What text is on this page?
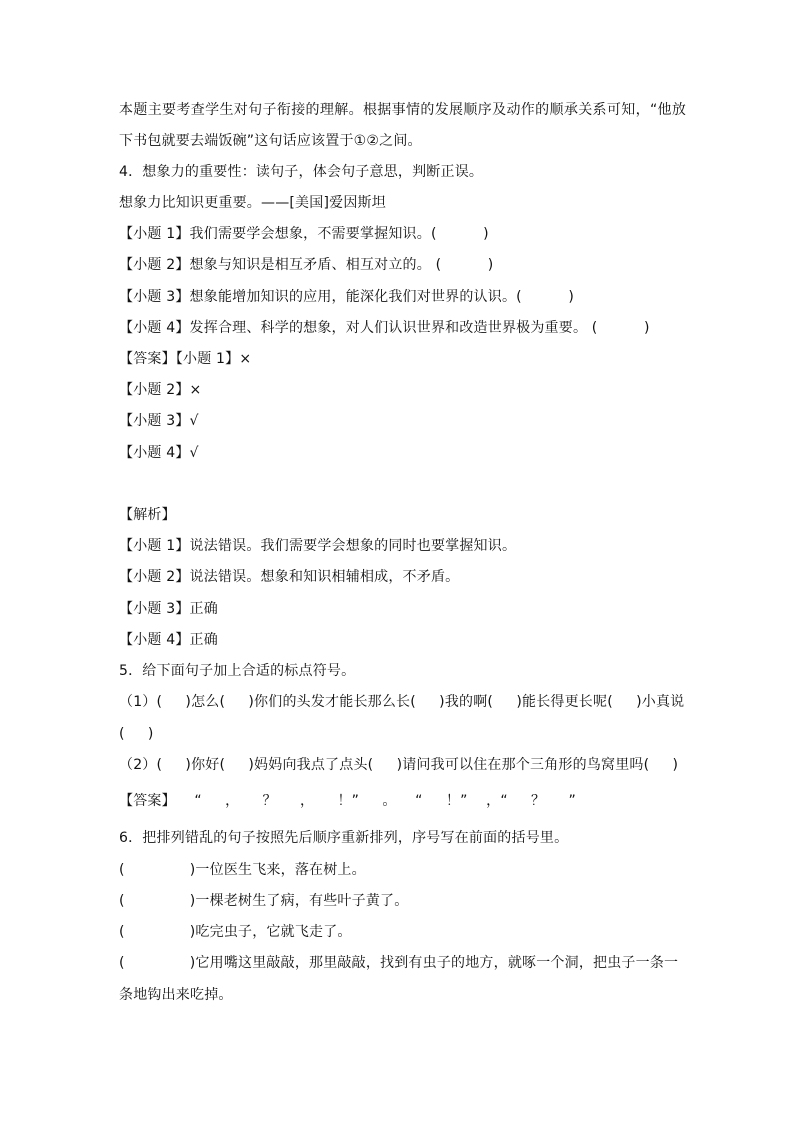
本题主要考查学生对句子衔接的理解。根据事情的发展顺序及动作的顺承关系可知，“他放
下书包就要去端饭碗”这句话应该置于①②之间。
4．想象力的重要性：读句子，体会句子意思，判断正误。
想象力比知识更重要。——[美国]爱因斯坦
【小题 1】我们需要学会想象，不需要掌握知识。(          )
【小题 2】想象与知识是相互矛盾、相互对立的。 (          )
【小题 3】想象能增加知识的应用，能深化我们对世界的认识。(          )
【小题 4】发挥合理、科学的想象，对人们认识世界和改造世界极为重要。 (          )
【答案】【小题 1】×
【小题 2】×
【小题 3】√
【小题 4】√
【解析】
【小题 1】说法错误。我们需要学会想象的同时也要掌握知识。
【小题 2】说法错误。想象和知识相辅相成，不矛盾。
【小题 3】正确
【小题 4】正确
5．给下面句子加上合适的标点符号。
（1）(     )怎么(     )你们的头发才能长那么长(     )我的啊(     )能长得更长呢(     )小真说
(     )
（2）(     )你好(     )妈妈向我点了点头(     )请问我可以住在那个三角形的鸟窝里吗(     )
【答案】    “     ，     ？     ，     ！”     。    “     ！”    ，“     ？     ”
6．把排列错乱的句子按照先后顺序重新排列，序号写在前面的括号里。
(              )一位医生飞来，落在树上。
(              )一棵老树生了病，有些叶子黄了。
(              )吃完虫子，它就飞走了。
(              )它用嘴这里敲敲，那里敲敲，找到有虫子的地方，就啄一个洞，把虫子一条一
条地钩出来吃掉。
